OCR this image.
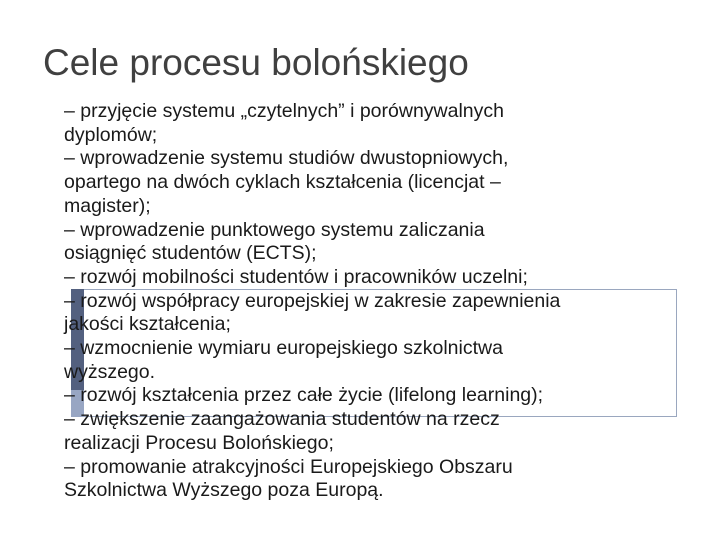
Cele procesu bolońskiego
– przyjęcie systemu „czytelnych” i porównywalnych
dyplomów;
– wprowadzenie systemu studiów dwustopniowych,
opartego na dwóch cyklach kształcenia (licencjat –
magister);
– wprowadzenie punktowego systemu zaliczania
osiągnięć studentów (ECTS);
– rozwój mobilności studentów i pracowników uczelni;
– rozwój współpracy europejskiej w zakresie zapewnienia
jakości kształcenia;
– wzmocnienie wymiaru europejskiego szkolnictwa
wyższego.
– rozwój kształcenia przez całe życie (lifelong learning);
– zwiększenie zaangażowania studentów na rzecz
realizacji Procesu Bolońskiego;
– promowanie atrakcyjności Europejskiego Obszaru
Szkolnictwa Wyższego poza Europą.
